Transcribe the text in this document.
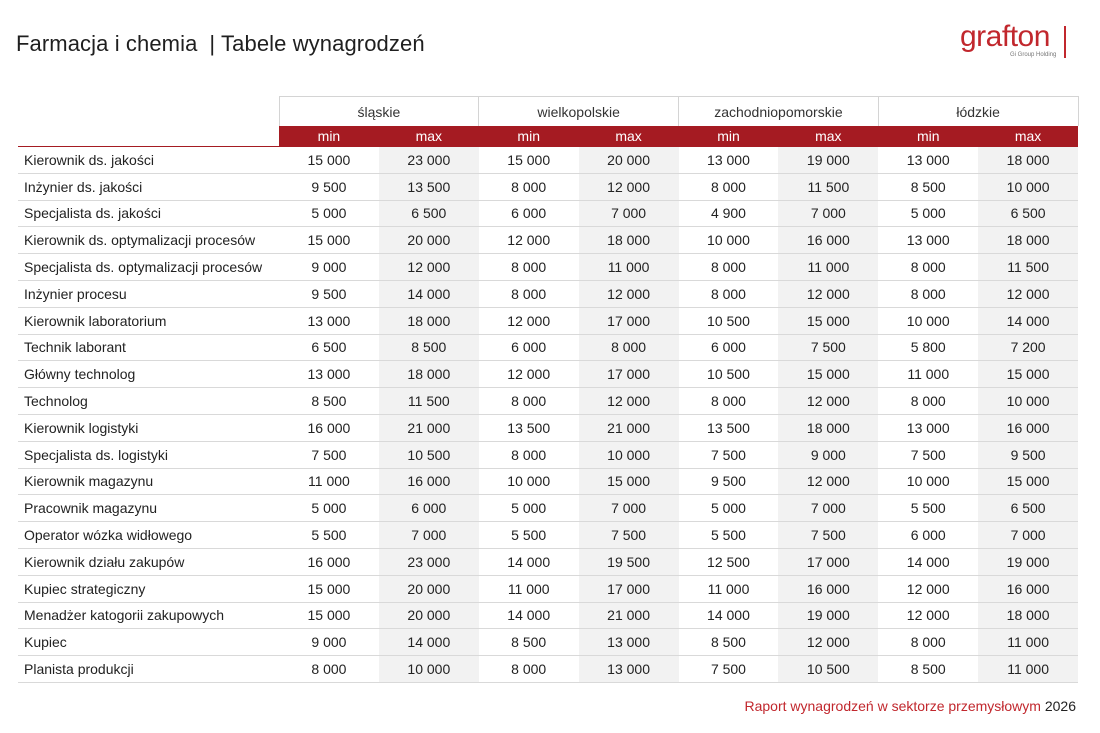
Farmacja i chemia | Tabele wynagrodzeń	grafton
Gi Group Holding
	śląskie		wielkopolskie		zachodniopomorskie		łódzkie	
	min	max	min	max	min	max	min	max
Kierownik ds. jakości	15 000	23 000	15 000	20 000	13 000	19 000	13 000	18 000
Inżynier ds. jakości	9 500	13 500	8 000	12 000	8 000	11 500	8 500	10 000
Specjalista ds. jakości	5 000	6 500	6 000	7 000	4 900	7 000	5 000	6 500
Kierownik ds. optymalizacji procesów	15 000	20 000	12 000	18 000	10 000	16 000	13 000	18 000
Specjalista ds. optymalizacji procesów	9 000	12 000	8 000	11 000	8 000	11 000	8 000	11 500
Inżynier procesu	9 500	14 000	8 000	12 000	8 000	12 000	8 000	12 000
Kierownik laboratorium	13 000	18 000	12 000	17 000	10 500	15 000	10 000	14 000
Technik laborant	6 500	8 500	6 000	8 000	6 000	7 500	5 800	7 200
Główny technolog	13 000	18 000	12 000	17 000	10 500	15 000	11 000	15 000
Technolog	8 500	11 500	8 000	12 000	8 000	12 000	8 000	10 000
Kierownik logistyki	16 000	21 000	13 500	21 000	13 500	18 000	13 000	16 000
Specjalista ds. logistyki	7 500	10 500	8 000	10 000	7 500	9 000	7 500	9 500
Kierownik magazynu	11 000	16 000	10 000	15 000	9 500	12 000	10 000	15 000
Pracownik magazynu	5 000	6 000	5 000	7 000	5 000	7 000	5 500	6 500
Operator wózka widłowego	5 500	7 000	5 500	7 500	5 500	7 500	6 000	7 000
Kierownik działu zakupów	16 000	23 000	14 000	19 500	12 500	17 000	14 000	19 000
Kupiec strategiczny	15 000	20 000	11 000	17 000	11 000	16 000	12 000	16 000
Menadżer katogorii zakupowych	15 000	20 000	14 000	21 000	14 000	19 000	12 000	18 000
Kupiec	9 000	14 000	8 500	13 000	8 500	12 000	8 000	11 000
Planista produkcji	8 000	10 000	8 000	13 000	7 500	10 500	8 500	11 000
Raport wynagrodzeń w sektorze przemysłowym 2026
